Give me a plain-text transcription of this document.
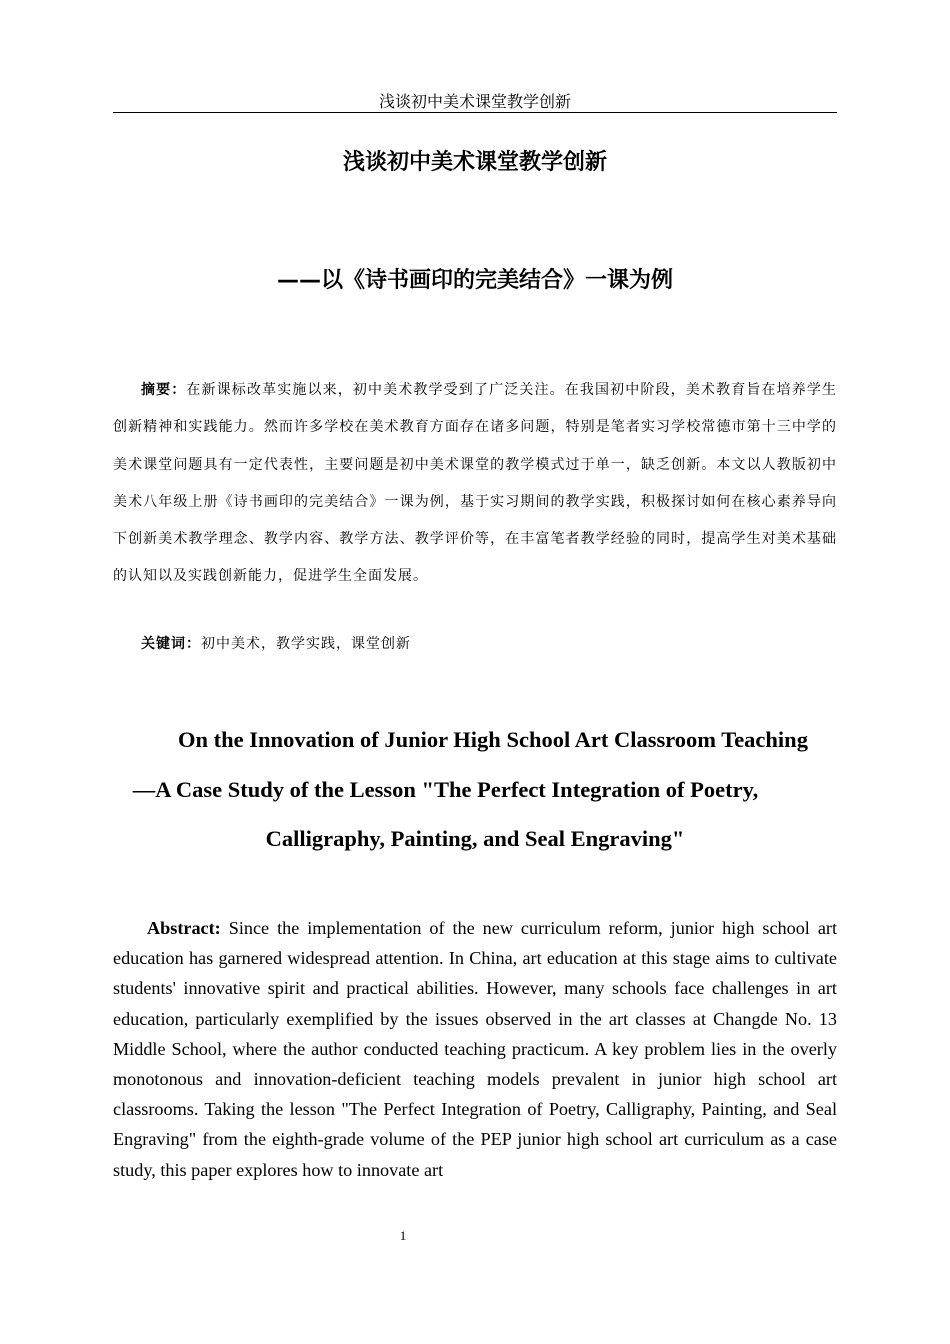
浅谈初中美术课堂教学创新
浅谈初中美术课堂教学创新
——以《诗书画印的完美结合》一课为例

摘要：在新课标改革实施以来，初中美术教学受到了广泛关注。在我国初中阶段，美术教育旨在培养学生创新精神和实践能力。然而许多学校在美术教育方面存在诸多问题，特别是笔者实习学校常德市第十三中学的美术课堂问题具有一定代表性，主要问题是初中美术课堂的教学模式过于单一，缺乏创新。本文以人教版初中美术八年级上册《诗书画印的完美结合》一课为例，基于实习期间的教学实践，积极探讨如何在核心素养导向下创新美术教学理念、教学内容、教学方法、教学评价等，在丰富笔者教学经验的同时，提高学生对美术基础的认知以及实践创新能力，促进学生全面发展。

关键词：初中美术，教学实践，课堂创新

On the Innovation of Junior High School Art Classroom Teaching
—A Case Study of the Lesson "The Perfect Integration of Poetry,
Calligraphy, Painting, and Seal Engraving"

Abstract: Since the implementation of the new curriculum reform, junior high school art education has garnered widespread attention. In China, art education at this stage aims to cultivate students' innovative spirit and practical abilities. However, many schools face challenges in art education, particularly exemplified by the issues observed in the art classes at Changde No. 13 Middle School, where the author conducted teaching practicum. A key problem lies in the overly monotonous and innovation-deficient teaching models prevalent in junior high school art classrooms. Taking the lesson "The Perfect Integration of Poetry, Calligraphy, Painting, and Seal Engraving" from the eighth-grade volume of the PEP junior high school art curriculum as a case study, this paper explores how to innovate art

1
